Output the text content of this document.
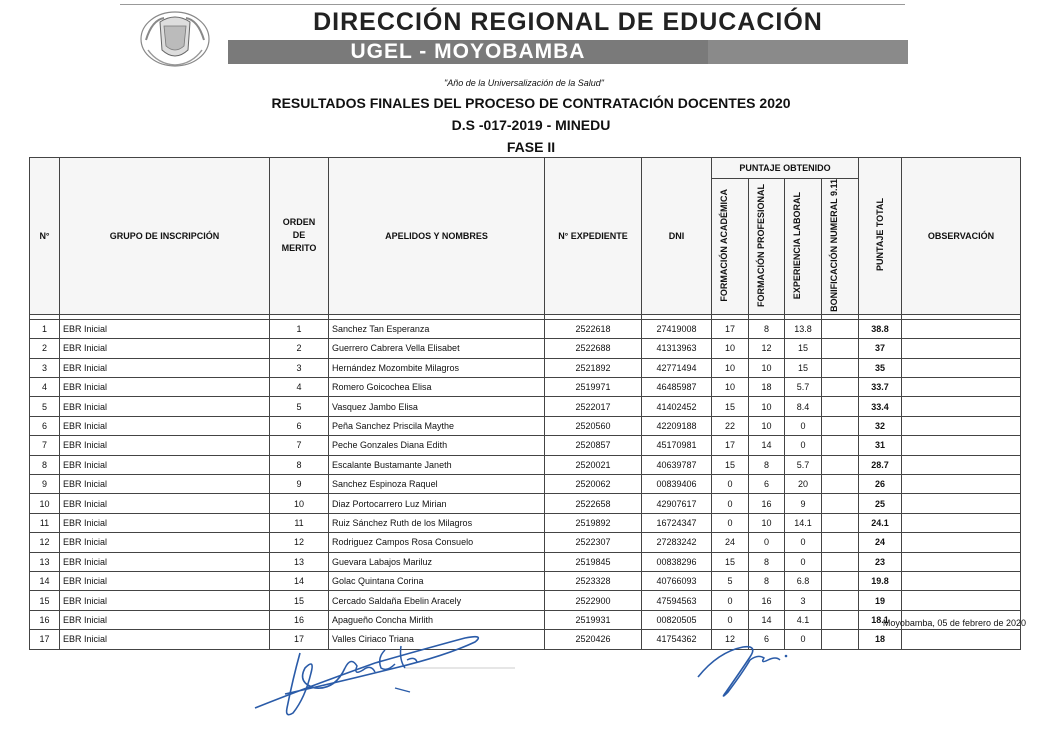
DIRECCIÓN REGIONAL DE EDUCACIÓN
UGEL - MOYOBAMBA
"Año de la Universalización de la Salud"
RESULTADOS FINALES DEL PROCESO DE CONTRATACIÓN DOCENTES 2020
D.S -017-2019 - MINEDU
FASE II
N°	GRUPO DE INSCRIPCIÓN	ORDEN
DE
MERITO	APELIDOS Y NOMBRES	N° EXPEDIENTE	DNI	PUNTAJE OBTENIDO				PUNTAJE TOTAL	OBSERVACIÓN
						FORMACIÓN ACADÉMICA	FORMACIÓN PROFESIONAL	EXPERIENCIA LABORAL	BONIFICACIÓN NUMERAL 9.11		

1	EBR Inicial	1	Sanchez Tan Esperanza	2522618	27419008	17	8	13.8		38.8	
2	EBR Inicial	2	Guerrero Cabrera Vella Elisabet	2522688	41313963	10	12	15		37	
3	EBR Inicial	3	Hernández Mozombite Milagros	2521892	42771494	10	10	15		35	
4	EBR Inicial	4	Romero Goicochea Elisa	2519971	46485987	10	18	5.7		33.7	
5	EBR Inicial	5	Vasquez Jambo Elisa	2522017	41402452	15	10	8.4		33.4	
6	EBR Inicial	6	Peña Sanchez Priscila Maythe	2520560	42209188	22	10	0		32	
7	EBR Inicial	7	Peche Gonzales Diana Edith	2520857	45170981	17	14	0		31	
8	EBR Inicial	8	Escalante Bustamante Janeth	2520021	40639787	15	8	5.7		28.7	
9	EBR Inicial	9	Sanchez Espinoza Raquel	2520062	00839406	0	6	20		26	
10	EBR Inicial	10	Diaz Portocarrero Luz Mirian	2522658	42907617	0	16	9		25	
11	EBR Inicial	11	Ruiz Sánchez Ruth de los Milagros	2519892	16724347	0	10	14.1		24.1	
12	EBR Inicial	12	Rodriguez Campos Rosa Consuelo	2522307	27283242	24	0	0		24	
13	EBR Inicial	13	Guevara Labajos Mariluz	2519845	00838296	15	8	0		23	
14	EBR Inicial	14	Golac Quintana Corina	2523328	40766093	5	8	6.8		19.8	
15	EBR Inicial	15	Cercado Saldaña Ebelin Aracely	2522900	47594563	0	16	3		19	
16	EBR Inicial	16	Apagueño Concha Mirlith	2519931	00820505	0	14	4.1		18.1	
17	EBR Inicial	17	Valles Ciriaco Triana	2520426	41754362	12	6	0		18	
Moyobamba, 05 de febrero de 2020
